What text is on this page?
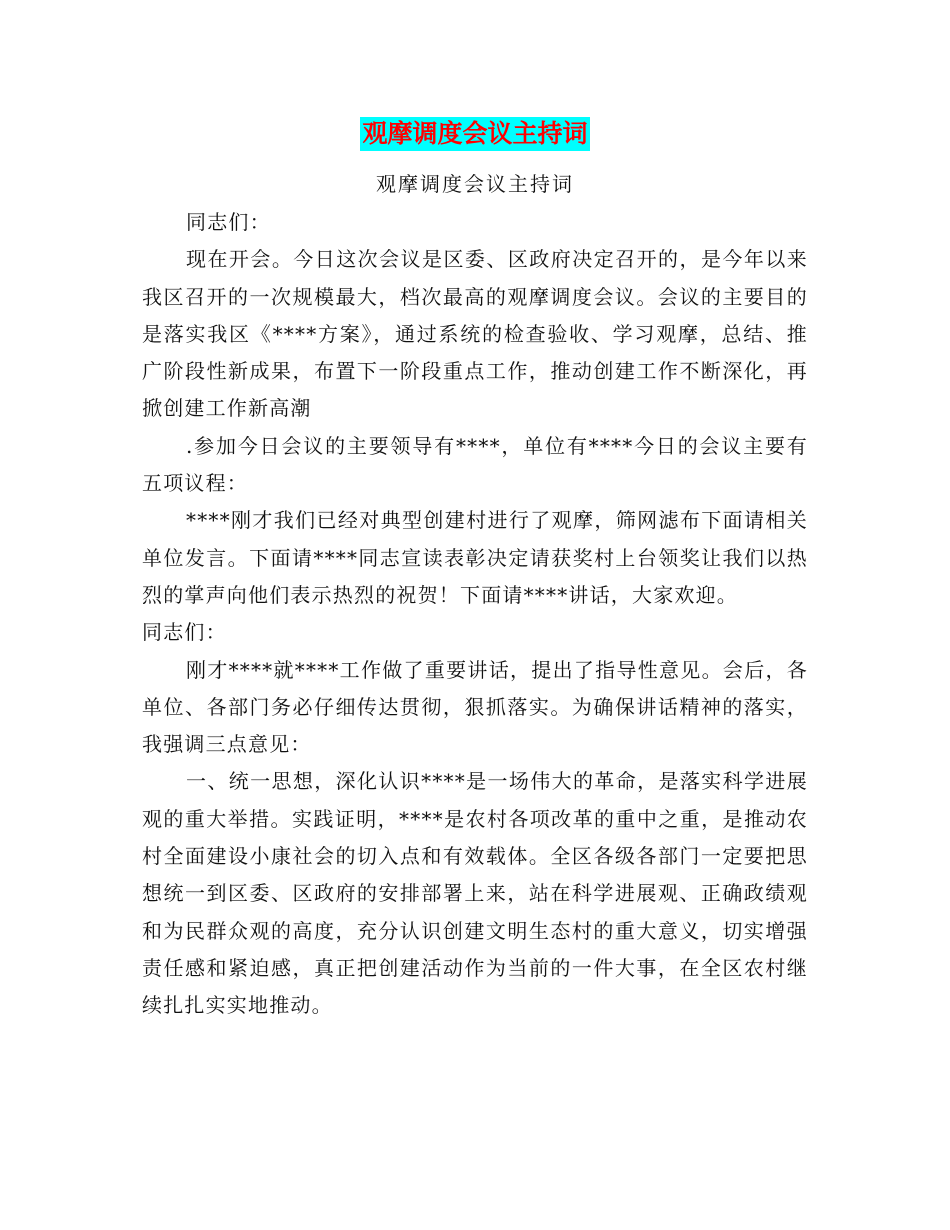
观摩调度会议主持词
观摩调度会议主持词

同志们：

现在开会。今日这次会议是区委、区政府决定召开的，是今年以来我区召开的一次规模最大，档次最高的观摩调度会议。会议的主要目的是落实我区《****方案》，通过系统的检查验收、学习观摩，总结、推广阶段性新成果，布置下一阶段重点工作，推动创建工作不断深化，再掀创建工作新高潮

.参加今日会议的主要领导有****，单位有****今日的会议主要有五项议程：

****刚才我们已经对典型创建村进行了观摩，筛网滤布下面请相关单位发言。下面请****同志宣读表彰决定请获奖村上台领奖让我们以热烈的掌声向他们表示热烈的祝贺！下面请****讲话，大家欢迎。

同志们：

刚才****就****工作做了重要讲话，提出了指导性意见。会后，各单位、各部门务必仔细传达贯彻，狠抓落实。为确保讲话精神的落实，我强调三点意见：

一、统一思想，深化认识****是一场伟大的革命，是落实科学进展观的重大举措。实践证明，****是农村各项改革的重中之重，是推动农村全面建设小康社会的切入点和有效载体。全区各级各部门一定要把思想统一到区委、区政府的安排部署上来，站在科学进展观、正确政绩观和为民群众观的高度，充分认识创建文明生态村的重大意义，切实增强责任感和紧迫感，真正把创建活动作为当前的一件大事，在全区农村继续扎扎实实地推动。
